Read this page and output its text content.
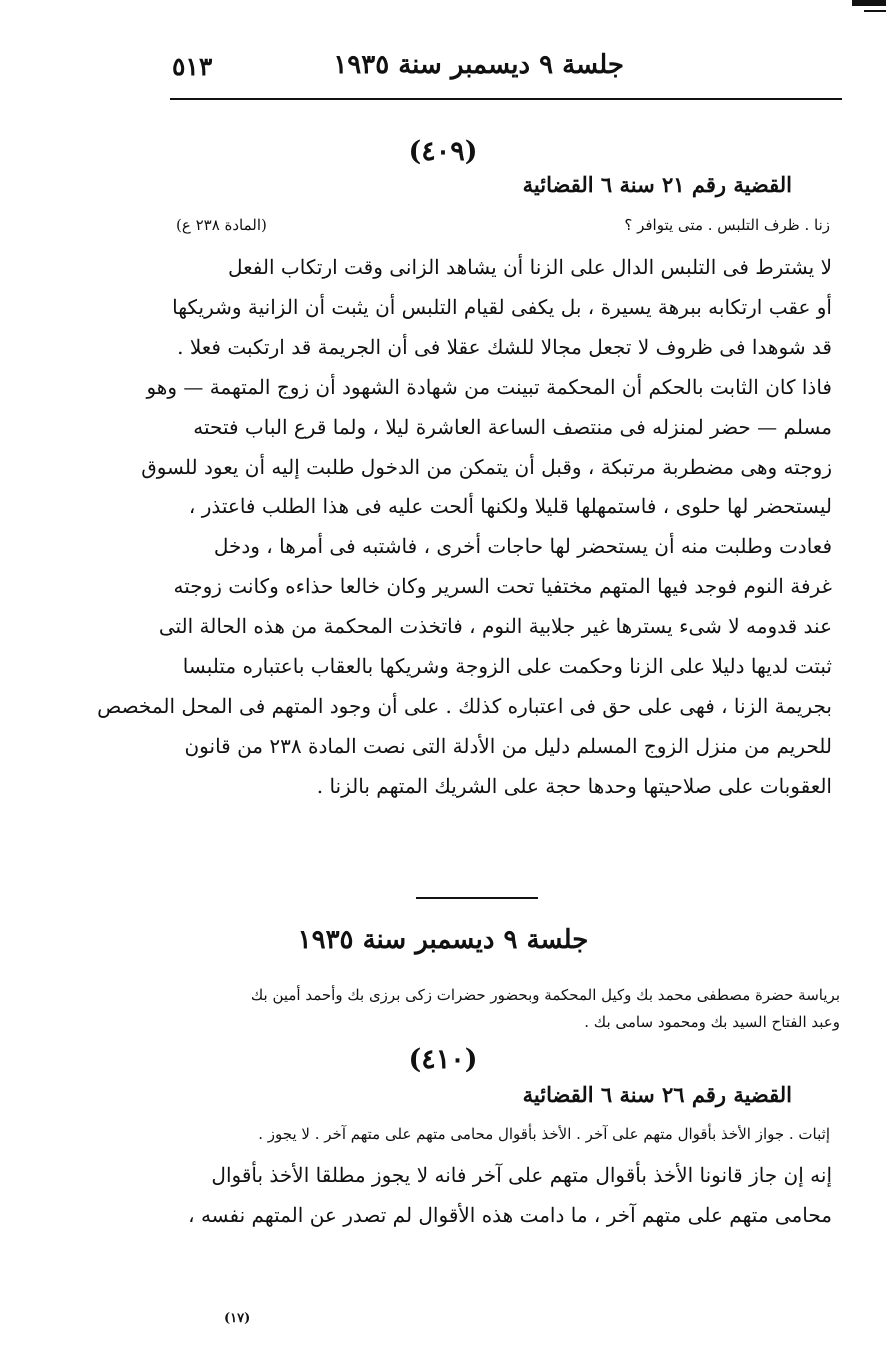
جلسة ٩ ديسمبر سنة ١٩٣٥
٥١٣
(٤٠٩)
القضية رقم ٢١ سنة ٦ القضائية
زنا . ظرف التلبس . متى يتوافر ؟
(المادة ٢٣٨ ع)
لا يشترط فى التلبس الدال على الزنا أن يشاهد الزانى وقت ارتكاب الفعل
أو عقب ارتكابه ببرهة يسيرة ، بل يكفى لقيام التلبس أن يثبت أن الزانية وشريكها
قد شوهدا فى ظروف لا تجعل مجالا للشك عقلا فى أن الجريمة قد ارتكبت فعلا .
فاذا كان الثابت بالحكم أن المحكمة تبينت من شهادة الشهود أن زوج المتهمة — وهو
مسلم — حضر لمنزله فى منتصف الساعة العاشرة ليلا ، ولما قرع الباب فتحته
زوجته وهى مضطربة مرتبكة ، وقبل أن يتمكن من الدخول طلبت إليه أن يعود للسوق
ليستحضر لها حلوى ، فاستمهلها قليلا ولكنها ألحت عليه فى هذا الطلب فاعتذر ،
فعادت وطلبت منه أن يستحضر لها حاجات أخرى ، فاشتبه فى أمرها ، ودخل
غرفة النوم فوجد فيها المتهم مختفيا تحت السرير وكان خالعا حذاءه وكانت زوجته
عند قدومه لا شىء يسترها غير جلابية النوم ، فاتخذت المحكمة من هذه الحالة التى
ثبتت لديها دليلا على الزنا وحكمت على الزوجة وشريكها بالعقاب باعتباره متلبسا
بجريمة الزنا ، فهى على حق فى اعتباره كذلك . على أن وجود المتهم فى المحل المخصص
للحريم من منزل الزوج المسلم دليل من الأدلة التى نصت المادة ٢٣٨ من قانون
العقوبات على صلاحيتها وحدها حجة على الشريك المتهم بالزنا .
جلسة ٩ ديسمبر سنة ١٩٣٥
برياسة حضرة مصطفى محمد بك وكيل المحكمة وبحضور حضرات زكى برزى بك وأحمد أمين بك
وعبد الفتاح السيد بك ومحمود سامى بك .
(٤١٠)
القضية رقم ٢٦ سنة ٦ القضائية
إثبات . جواز الأخذ بأقوال متهم على آخر . الأخذ بأقوال محامى متهم على متهم آخر . لا يجوز .
إنه إن جاز قانونا الأخذ بأقوال متهم على آخر فانه لا يجوز مطلقا الأخذ بأقوال
محامى متهم على متهم آخر ، ما دامت هذه الأقوال لم تصدر عن المتهم نفسه ،
(١٧)
